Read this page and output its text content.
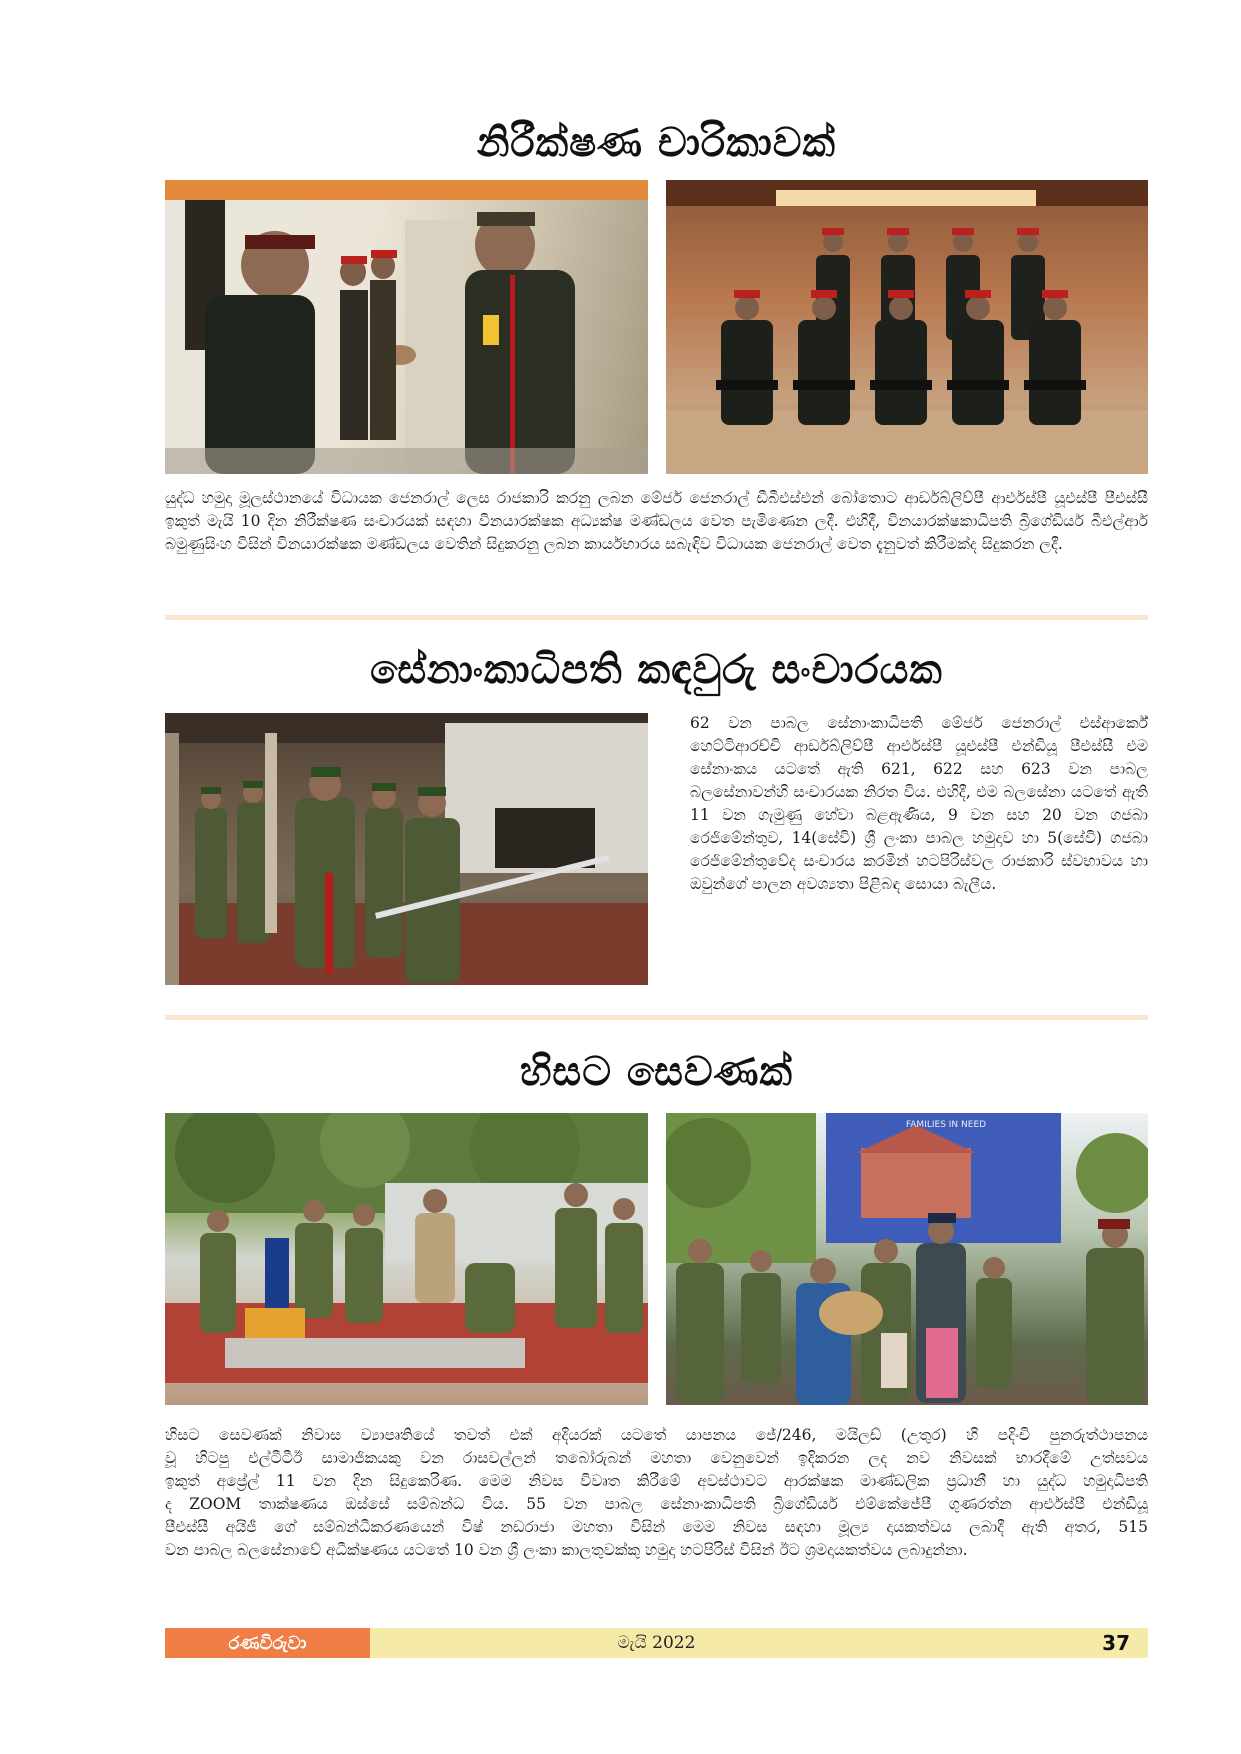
නිරීක්ෂණ චාරිකාවක්

යුද්ධ හමුදා මූලස්ථානයේ විධායක ජෙනරාල් ලෙස රාජකාරි කරනු ලබන මේජර් ජෙනරාල් ඩීබීඑස්එන් බෝතොට ආර්ඩබ්ලිව්පී ආර්එස්පී යූඑස්පී පීඑස්සී ඉකුත් මැයි 10 දින නිරීක්ෂණ සංචාරයක් සඳහා විනයාරක්ෂක අධ්‍යක්ෂ මණ්ඩලය වෙත පැමිණෙන ලදී. එහිදී, විනයාරක්ෂකාධිපති බ්‍රිගේඩියර් බීඑල්ආර් බමුණුසිංහ විසින් විනයාරක්ෂක මණ්ඩලය වෙතින් සිදුකරනු ලබන කාර්යභාරය සබැඳිව විධායක ජෙනරාල් වෙත දැනුවත් කිරීමක්ද සිදුකරන ලදී.

සේනාංකාධිපති කඳවුරු සංචාරයක

62 වන පාබල සේනාංකාධිපති මේජර් ජෙනරාල් එස්ආර්කේ හෙට්ටිආරච්චි ආර්ඩබ්ලිව්පී ආර්එස්පී යූඑස්පී එන්ඩියූ පීඑස්සී එම සේනාංකය යටතේ ඇති 621, 622 සහ 623 වන පාබල බලසේනාවන්හි සංචාරයක නිරත විය. එහිදී, එම බලසේනා යටතේ ඇති 11 වන ගැමුණු හේවා බළඇණිය, 9 වන සහ 20 වන ගජබා රෙජිමේන්තුව, 14(සේවි) ශ්‍රී ලංකා පාබල හමුදාව හා 5(සේවි) ගජබා රෙජිමේන්තුවේද සංචාරය කරමින් හටපිරිස්වල රාජකාරි ස්වභාවය හා ඔවුන්ගේ පාලන අවශ්‍යතා පිළිබඳ සොයා බැලීය.

හිසට සෙවණක්
FAMILIES IN NEED
හිසට සෙවණක් නිවාස ව්‍යාපෘතියේ තවත් එක් අදියරක් යටතේ යාපනය ජේ/246, මයිලඩ් (උතුර) හි පදිංචි පුනරුත්ථාපනය
වූ හිටපු එල්ටීටීඊ සාමාජිකයකු වන රාසවල්ලන් තබෝරුබන් මහතා වෙනුවෙන් ඉදිකරන ලද නව නිවසක් භාරදීමේ උත්සවය
ඉකුත් අප්‍රේල් 11 වන දින සිදුකෙරිණ. මෙම නිවස විවෘත කිරීමේ අවස්ථාවට ආරක්ෂක මාණ්ඩලික ප්‍රධානී හා යුද්ධ හමුදාධිපති
ද ZOOM තාක්ෂණය ඔස්සේ සම්බන්ධ විය. 55 වන පාබල සේනාංකාධිපති බ්‍රිගේඩියර් එම්කේජේපී ගුණරත්න ආර්එස්පී එන්ඩියූ
පීඑස්සී අයිජී ගේ සම්බන්ධීකරණයෙන් විෂ් නඩරාජා මහතා විසින් මෙම නිවස සඳහා මූල්‍ය දායකත්වය ලබාදී ඇති අතර, 515
වන පාබල බලසේනාවේ අධීක්ෂණය යටතේ 10 වන ශ්‍රී ලංකා කාලතුවක්කු හමුදා හටපිරිස් විසින් ඊට ශ්‍රමදායකත්වය ලබාදුන්නා.
රණවිරුවා	මැයි 2022	37
